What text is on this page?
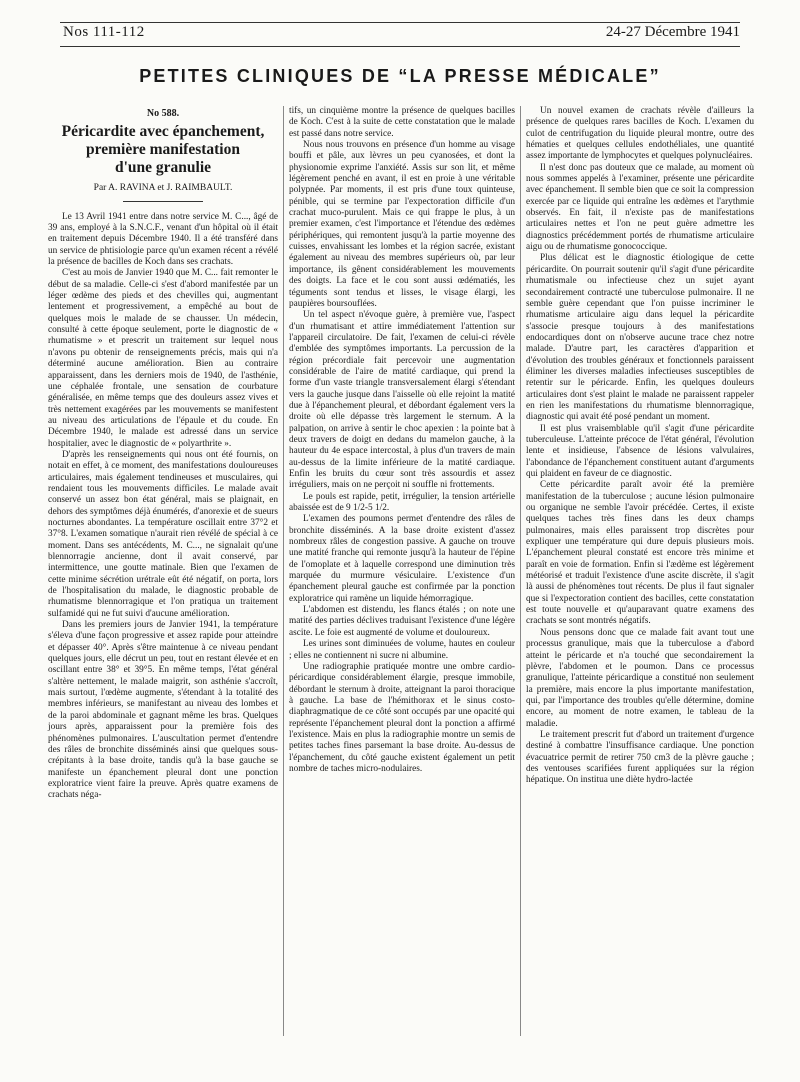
Nos 111-112	24-27 Décembre 1941
PETITES CLINIQUES DE “LA PRESSE MÉDICALE”
No 588.
Péricardite avec épanchement,
première manifestation
d'une granulie
Par A. RAVINA et J. RAIMBAULT.

Le 13 Avril 1941 entre dans notre service M. C..., âgé de 39 ans, employé à la S.N.C.F., venant d'un hôpital où il était en traitement depuis Décembre 1940. Il a été transféré dans un service de phtisiologie parce qu'un examen récent a révélé la présence de bacilles de Koch dans ses crachats.

C'est au mois de Janvier 1940 que M. C... fait remonter le début de sa maladie. Celle-ci s'est d'abord manifestée par un léger œdème des pieds et des chevilles qui, augmentant lentement et progressivement, a empêché au bout de quelques mois le malade de se chausser. Un médecin, consulté à cette époque seulement, porte le diagnostic de « rhumatisme » et prescrit un traitement sur lequel nous n'avons pu obtenir de renseignements précis, mais qui n'a déterminé aucune amélioration. Bien au contraire apparaissent, dans les derniers mois de 1940, de l'asthénie, une céphalée frontale, une sensation de courbature généralisée, en même temps que des douleurs assez vives et très nettement exagérées par les mouvements se manifestent au niveau des articulations de l'épaule et du coude. En Décembre 1940, le malade est adressé dans un service hospitalier, avec le diagnostic de « polyarthrite ».

D'après les renseignements qui nous ont été fournis, on notait en effet, à ce moment, des manifestations douloureuses articulaires, mais également tendineuses et musculaires, qui rendaient tous les mouvements difficiles. Le malade avait conservé un assez bon état général, mais se plaignait, en dehors des symptômes déjà énumérés, d'anorexie et de sueurs nocturnes abondantes. La température oscillait entre 37°2 et 37°8. L'examen somatique n'aurait rien révélé de spécial à ce moment. Dans ses antécédents, M. C..., ne signalait qu'une blennorragie ancienne, dont il avait conservé, par intermittence, une goutte matinale. Bien que l'examen de cette minime sécrétion urétrale eût été négatif, on porta, lors de l'hospitalisation du malade, le diagnostic probable de rhumatisme blennorragique et l'on pratiqua un traitement sulfamidé qui ne fut suivi d'aucune amélioration.

Dans les premiers jours de Janvier 1941, la température s'éleva d'une façon progressive et assez rapide pour atteindre et dépasser 40°. Après s'être maintenue à ce niveau pendant quelques jours, elle décrut un peu, tout en restant élevée et en oscillant entre 38° et 39°5. En même temps, l'état général s'altère nettement, le malade maigrit, son asthénie s'accroît, mais surtout, l'œdème augmente, s'étendant à la totalité des membres inférieurs, se manifestant au niveau des lombes et de la paroi abdominale et gagnant même les bras. Quelques jours après, apparaissent pour la première fois des phénomènes pulmonaires. L'auscultation permet d'entendre des râles de bronchite disséminés ainsi que quelques sous-crépitants à la base droite, tandis qu'à la base gauche se manifeste un épanchement pleural dont une ponction exploratrice vient faire la preuve. Après quatre examens de crachats néga-

tifs, un cinquième montre la présence de quelques bacilles de Koch. C'est à la suite de cette constatation que le malade est passé dans notre service.

Nous nous trouvons en présence d'un homme au visage bouffi et pâle, aux lèvres un peu cyanosées, et dont la physionomie exprime l'anxiété. Assis sur son lit, et même légèrement penché en avant, il est en proie à une véritable polypnée. Par moments, il est pris d'une toux quinteuse, pénible, qui se termine par l'expectoration difficile d'un crachat muco-purulent. Mais ce qui frappe le plus, à un premier examen, c'est l'importance et l'étendue des œdèmes périphériques, qui remontent jusqu'à la partie moyenne des cuisses, envahissant les lombes et la région sacrée, existant également au niveau des membres supérieurs où, par leur importance, ils gênent considérablement les mouvements des doigts. La face et le cou sont aussi œdématiés, les téguments sont tendus et lisses, le visage élargi, les paupières boursouflées.

Un tel aspect n'évoque guère, à première vue, l'aspect d'un rhumatisant et attire immédiatement l'attention sur l'appareil circulatoire. De fait, l'examen de celui-ci révèle d'emblée des symptômes importants. La percussion de la région précordiale fait percevoir une augmentation considérable de l'aire de matité cardiaque, qui prend la forme d'un vaste triangle transversalement élargi s'étendant vers la gauche jusque dans l'aisselle où elle rejoint la matité due à l'épanchement pleural, et débordant également vers la droite où elle dépasse très largement le sternum. A la palpation, on arrive à sentir le choc apexien : la pointe bat à deux travers de doigt en dedans du mamelon gauche, à la hauteur du 4e espace intercostal, à plus d'un travers de main au-dessus de la limite inférieure de la matité cardiaque. Enfin les bruits du cœur sont très assourdis et assez irréguliers, mais on ne perçoit ni souffle ni frottements.

Le pouls est rapide, petit, irrégulier, la tension artérielle abaissée est de 9 1/2-5 1/2.

L'examen des poumons permet d'entendre des râles de bronchite disséminés. A la base droite existent d'assez nombreux râles de congestion passive. A gauche on trouve une matité franche qui remonte jusqu'à la hauteur de l'épine de l'omoplate et à laquelle correspond une diminution très marquée du murmure vésiculaire. L'existence d'un épanchement pleural gauche est confirmée par la ponction exploratrice qui ramène un liquide hémorragique.

L'abdomen est distendu, les flancs étalés ; on note une matité des parties déclives traduisant l'existence d'une légère ascite. Le foie est augmenté de volume et douloureux.

Les urines sont diminuées de volume, hautes en couleur ; elles ne contiennent ni sucre ni albumine.

Une radiographie pratiquée montre une ombre cardio-péricardique considérablement élargie, presque immobile, débordant le sternum à droite, atteignant la paroi thoracique à gauche. La base de l'hémithorax et le sinus costo-diaphragmatique de ce côté sont occupés par une opacité qui représente l'épanchement pleural dont la ponction a affirmé l'existence. Mais en plus la radiographie montre un semis de petites taches fines parsemant la base droite. Au-dessus de l'épanchement, du côté gauche existent également un petit nombre de taches micro-nodulaires.

Un nouvel examen de crachats révèle d'ailleurs la présence de quelques rares bacilles de Koch. L'examen du culot de centrifugation du liquide pleural montre, outre des hématies et quelques cellules endothéliales, une quantité assez importante de lymphocytes et quelques polynucléaires.

Il n'est donc pas douteux que ce malade, au moment où nous sommes appelés à l'examiner, présente une péricardite avec épanchement. Il semble bien que ce soit la compression exercée par ce liquide qui entraîne les œdèmes et l'arythmie observés. En fait, il n'existe pas de manifestations articulaires nettes et l'on ne peut guère admettre les diagnostics précédemment portés de rhumatisme articulaire aigu ou de rhumatisme gonococcique.

Plus délicat est le diagnostic étiologique de cette péricardite. On pourrait soutenir qu'il s'agit d'une péricardite rhumatismale ou infectieuse chez un sujet ayant secondairement contracté une tuberculose pulmonaire. Il ne semble guère cependant que l'on puisse incriminer le rhumatisme articulaire aigu dans lequel la péricardite s'associe presque toujours à des manifestations endocardiques dont on n'observe aucune trace chez notre malade. D'autre part, les caractères d'apparition et d'évolution des troubles généraux et fonctionnels paraissent éliminer les diverses maladies infectieuses susceptibles de retentir sur le péricarde. Enfin, les quelques douleurs articulaires dont s'est plaint le malade ne paraissent rappeler en rien les manifestations du rhumatisme blennorragique, diagnostic qui avait été posé pendant un moment.

Il est plus vraisemblable qu'il s'agit d'une péricardite tuberculeuse. L'atteinte précoce de l'état général, l'évolution lente et insidieuse, l'absence de lésions valvulaires, l'abondance de l'épanchement constituent autant d'arguments qui plaident en faveur de ce diagnostic.

Cette péricardite paraît avoir été la première manifestation de la tuberculose ; aucune lésion pulmonaire ou organique ne semble l'avoir précédée. Certes, il existe quelques taches très fines dans les deux champs pulmonaires, mais elles paraissent trop discrètes pour expliquer une température qui dure depuis plusieurs mois. L'épanchement pleural constaté est encore très minime et paraît en voie de formation. Enfin si l'ædème est légèrement météorisé et traduit l'existence d'une ascite discrète, il s'agit là aussi de phénomènes tout récents. De plus il faut signaler que si l'expectoration contient des bacilles, cette constatation est toute nouvelle et qu'auparavant quatre examens des crachats se sont montrés négatifs.

Nous pensons donc que ce malade fait avant tout une processus granulique, mais que la tuberculose a d'abord atteint le péricarde et n'a touché que secondairement la plèvre, l'abdomen et le poumon. Dans ce processus granulique, l'atteinte péricardique a constitué non seulement la première, mais encore la plus importante manifestation, qui, par l'importance des troubles qu'elle détermine, domine encore, au moment de notre examen, le tableau de la maladie.

Le traitement prescrit fut d'abord un traitement d'urgence destiné à combattre l'insuffisance cardiaque. Une ponction évacuatrice permit de retirer 750 cm3 de la plèvre gauche ; des ventouses scarifiées furent appliquées sur la région hépatique. On institua une diète hydro-lactée
